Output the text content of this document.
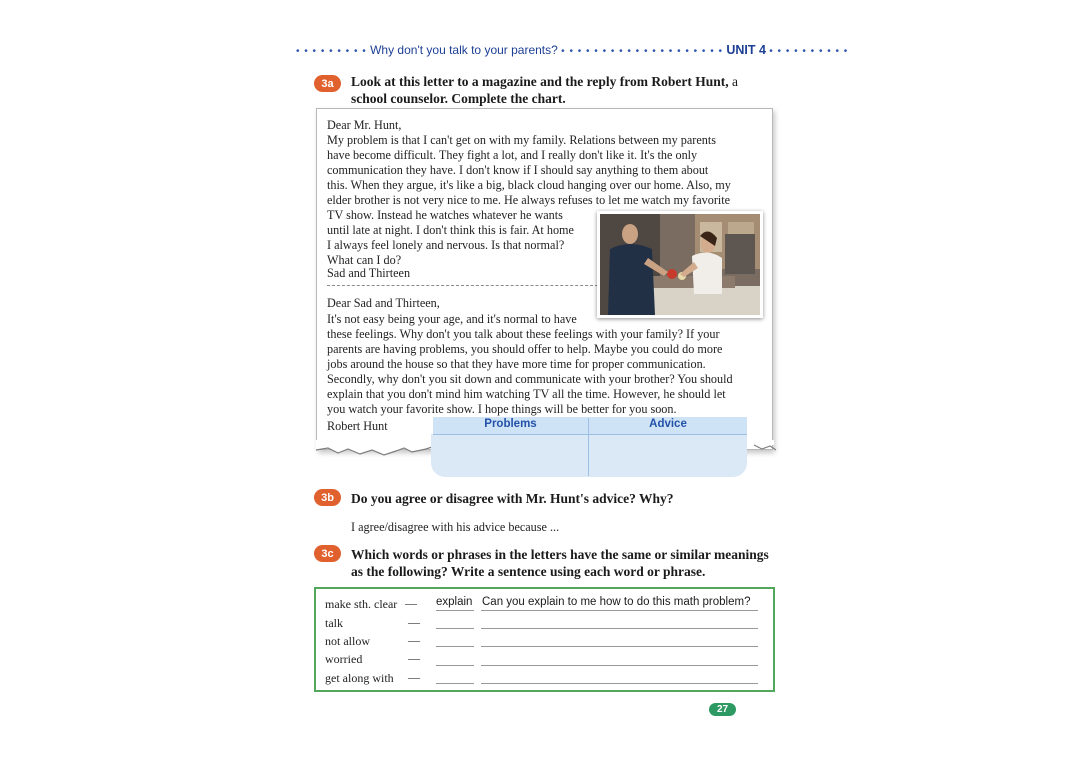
• • • • • • • • • Why don't you talk to your parents? • • • • • • • • • • • • • • • • • • • • UNIT 4 • • • • • • • • • •
3a	Look at this letter to a magazine and the reply from Robert Hunt, a
school counselor. Complete the chart.
Dear Mr. Hunt,
My problem is that I can't get on with my family. Relations between my parents
have become difficult. They fight a lot, and I really don't like it. It's the only
communication they have. I don't know if I should say anything to them about
this. When they argue, it's like a big, black cloud hanging over our home. Also, my
elder brother is not very nice to me. He always refuses to let me watch my favorite
TV show. Instead he watches whatever he wants
until late at night. I don't think this is fair. At home
I always feel lonely and nervous. Is that normal?
What can I do?
Sad and Thirteen
Dear Sad and Thirteen,
It's not easy being your age, and it's normal to have
these feelings. Why don't you talk about these feelings with your family? If your
parents are having problems, you should offer to help. Maybe you could do more
jobs around the house so that they have more time for proper communication.
Secondly, why don't you sit down and communicate with your brother? You should
explain that you don't mind him watching TV all the time. However, he should let
you watch your favorite show. I hope things will be better for you soon.
Robert Hunt	Problems	Advice
3b	Do you agree or disagree with Mr. Hunt's advice? Why?
I agree/disagree with his advice because ...
3c	Which words or phrases in the letters have the same or similar meanings
as the following? Write a sentence using each word or phrase.
make sth. clear — explain Can you explain to me how to do this math problem?
talk	—
not allow	—
worried	—
get along with —
27
